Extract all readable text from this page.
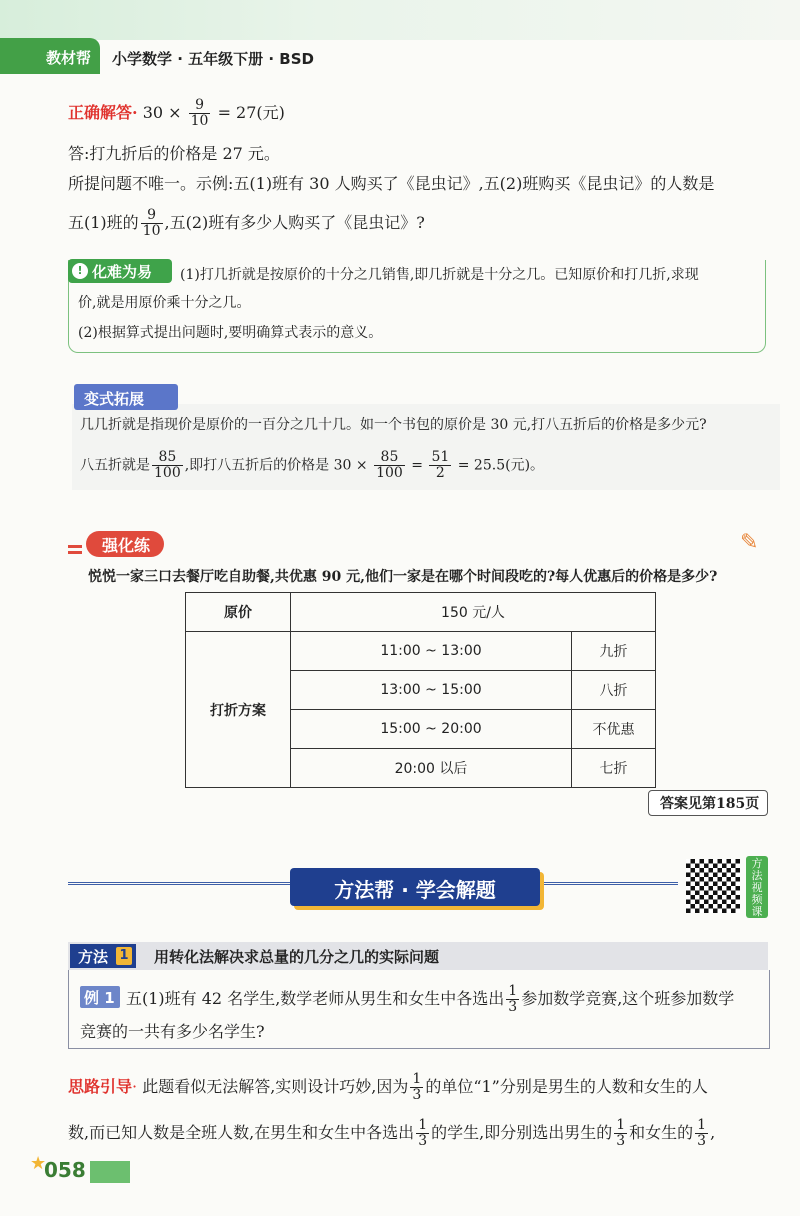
教材帮 小学数学 · 五年级下册 · BSD
正确解答· $30 \times \frac{9}{10} = 27$(元)
答:打九折后的价格是 27 元。
所提问题不唯一。示例:五(1)班有 30 人购买了《昆虫记》,五(2)班购买《昆虫记》的人数是
五(1)班的 $\frac{9}{10}$ ,五(2)班有多少人购买了《昆虫记》?
! 化难为易 (1)打几折就是按原价的十分之几销售,即几折就是十分之几。已知原价和打几折,求现
价,就是用原价乘十分之几。
(2)根据算式提出问题时,要明确算式表示的意义。
变式拓展
几几折就是指现价是原价的一百分之几十几。如一个书包的原价是 30 元,打八五折后的价格是多少元?
八五折就是 $\frac{85}{100}$ ,即打八五折后的价格是 $30 \times \frac{85}{100} = \frac{51}{2} = 25.5$(元)。
强化练	✎
悦悦一家三口去餐厅吃自助餐,共优惠 90 元,他们一家是在哪个时间段吃的?每人优惠后的价格是多少?
原价	150 元/人	
打折方案	11:00 ~ 13:00	九折
	13:00 ~ 15:00	八折
	15:00 ~ 20:00	不优惠
	20:00 以后	七折
答案见第185页
方法帮 · 学会解题
方法视频课
方法 1 用转化法解决求总量的几分之几的实际问题
例 1 五(1)班有 42 名学生,数学老师从男生和女生中各选出 $\frac{1}{3}$ 参加数学竞赛,这个班参加数学
竞赛的一共有多少名学生?
思路引导· 此题看似无法解答,实则设计巧妙,因为 $\frac{1}{3}$ 的单位“1”分别是男生的人数和女生的人
数,而已知人数是全班人数,在男生和女生中各选出 $\frac{1}{3}$ 的学生,即分别选出男生的 $\frac{1}{3}$ 和女生的 $\frac{1}{3}$ ,
★
058
